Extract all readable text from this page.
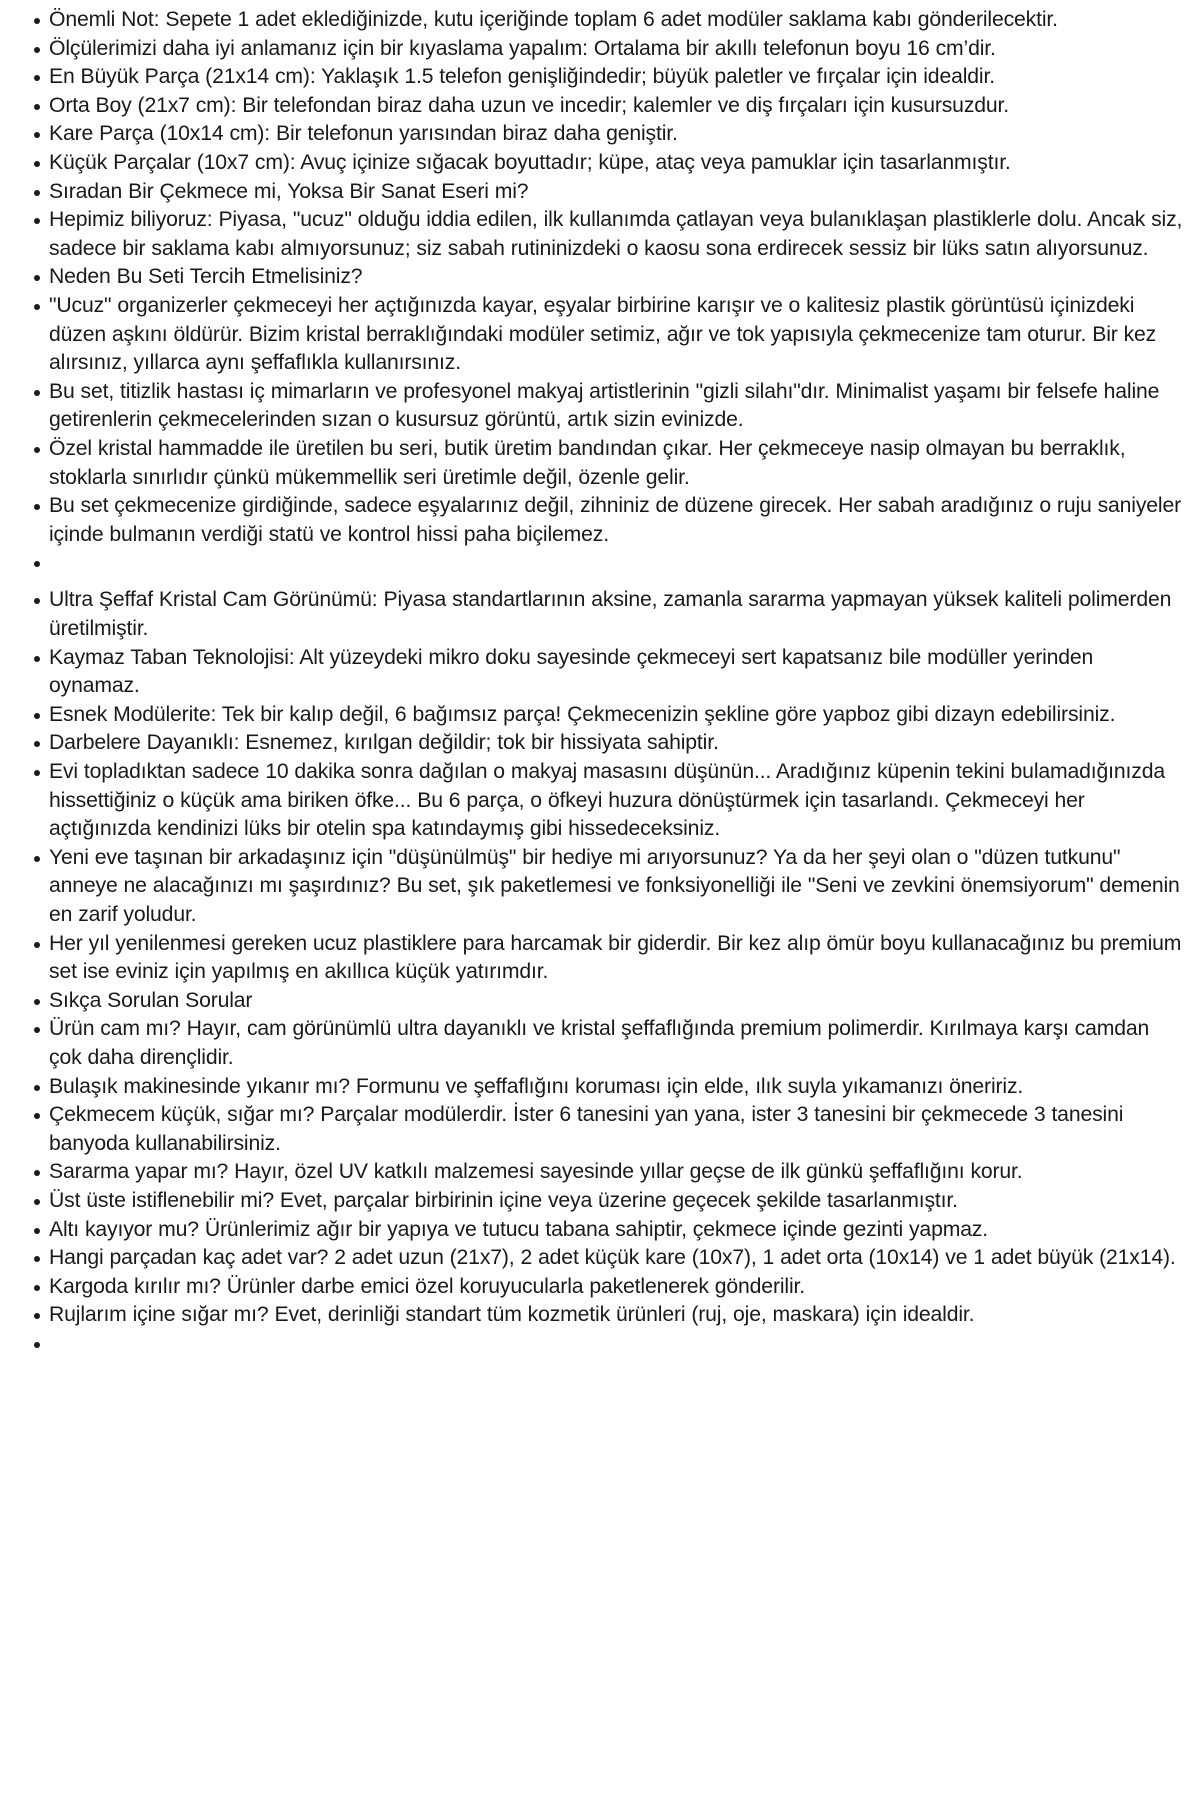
Önemli Not: Sepete 1 adet eklediğinizde, kutu içeriğinde toplam 6 adet modüler saklama kabı gönderilecektir.
Ölçülerimizi daha iyi anlamanız için bir kıyaslama yapalım: Ortalama bir akıllı telefonun boyu 16 cm’dir.
En Büyük Parça (21x14 cm): Yaklaşık 1.5 telefon genişliğindedir; büyük paletler ve fırçalar için idealdir.
Orta Boy (21x7 cm): Bir telefondan biraz daha uzun ve incedir; kalemler ve diş fırçaları için kusursuzdur.
Kare Parça (10x14 cm): Bir telefonun yarısından biraz daha geniştir.
Küçük Parçalar (10x7 cm): Avuç içinize sığacak boyuttadır; küpe, ataç veya pamuklar için tasarlanmıştır.
Sıradan Bir Çekmece mi, Yoksa Bir Sanat Eseri mi?
Hepimiz biliyoruz: Piyasa, "ucuz" olduğu iddia edilen, ilk kullanımda çatlayan veya bulanıklaşan plastiklerle dolu. Ancak siz, sadece bir saklama kabı almıyorsunuz; siz sabah rutininizdeki o kaosu sona erdirecek sessiz bir lüks satın alıyorsunuz.
Neden Bu Seti Tercih Etmelisiniz?
"Ucuz" organizerler çekmeceyi her açtığınızda kayar, eşyalar birbirine karışır ve o kalitesiz plastik görüntüsü içinizdeki düzen aşkını öldürür. Bizim kristal berraklığındaki modüler setimiz, ağır ve tok yapısıyla çekmecenize tam oturur. Bir kez alırsınız, yıllarca aynı şeffaflıkla kullanırsınız.
Bu set, titizlik hastası iç mimarların ve profesyonel makyaj artistlerinin "gizli silahı"dır. Minimalist yaşamı bir felsefe haline getirenlerin çekmecelerinden sızan o kusursuz görüntü, artık sizin evinizde.
Özel kristal hammadde ile üretilen bu seri, butik üretim bandından çıkar. Her çekmeceye nasip olmayan bu berraklık, stoklarla sınırlıdır çünkü mükemmellik seri üretimle değil, özenle gelir.
Bu set çekmecenize girdiğinde, sadece eşyalarınız değil, zihniniz de düzene girecek. Her sabah aradığınız o ruju saniyeler içinde bulmanın verdiği statü ve kontrol hissi paha biçilemez.
Ultra Şeffaf Kristal Cam Görünümü: Piyasa standartlarının aksine, zamanla sararma yapmayan yüksek kaliteli polimerden üretilmiştir.
Kaymaz Taban Teknolojisi: Alt yüzeydeki mikro doku sayesinde çekmeceyi sert kapatsanız bile modüller yerinden oynamaz.
Esnek Modülerite: Tek bir kalıp değil, 6 bağımsız parça! Çekmecenizin şekline göre yapboz gibi dizayn edebilirsiniz.
Darbelere Dayanıklı: Esnemez, kırılgan değildir; tok bir hissiyata sahiptir.
Evi topladıktan sadece 10 dakika sonra dağılan o makyaj masasını düşünün... Aradığınız küpenin tekini bulamadığınızda hissettiğiniz o küçük ama biriken öfke... Bu 6 parça, o öfkeyi huzura dönüştürmek için tasarlandı. Çekmeceyi her açtığınızda kendinizi lüks bir otelin spa katındaymış gibi hissedeceksiniz.
Yeni eve taşınan bir arkadaşınız için "düşünülmüş" bir hediye mi arıyorsunuz? Ya da her şeyi olan o "düzen tutkunu" anneye ne alacağınızı mı şaşırdınız? Bu set, şık paketlemesi ve fonksiyonelliği ile "Seni ve zevkini önemsiyorum" demenin en zarif yoludur.
Her yıl yenilenmesi gereken ucuz plastiklere para harcamak bir giderdir. Bir kez alıp ömür boyu kullanacağınız bu premium set ise eviniz için yapılmış en akıllıca küçük yatırımdır.
Sıkça Sorulan Sorular
Ürün cam mı? Hayır, cam görünümlü ultra dayanıklı ve kristal şeffaflığında premium polimerdir. Kırılmaya karşı camdan çok daha dirençlidir.
Bulaşık makinesinde yıkanır mı? Formunu ve şeffaflığını koruması için elde, ılık suyla yıkamanızı öneririz.
Çekmecem küçük, sığar mı? Parçalar modülerdir. İster 6 tanesini yan yana, ister 3 tanesini bir çekmecede 3 tanesini banyoda kullanabilirsiniz.
Sararma yapar mı? Hayır, özel UV katkılı malzemesi sayesinde yıllar geçse de ilk günkü şeffaflığını korur.
Üst üste istiflenebilir mi? Evet, parçalar birbirinin içine veya üzerine geçecek şekilde tasarlanmıştır.
Altı kayıyor mu? Ürünlerimiz ağır bir yapıya ve tutucu tabana sahiptir, çekmece içinde gezinti yapmaz.
Hangi parçadan kaç adet var? 2 adet uzun (21x7), 2 adet küçük kare (10x7), 1 adet orta (10x14) ve 1 adet büyük (21x14).
Kargoda kırılır mı? Ürünler darbe emici özel koruyucularla paketlenerek gönderilir.
Rujlarım içine sığar mı? Evet, derinliği standart tüm kozmetik ürünleri (ruj, oje, maskara) için idealdir.
